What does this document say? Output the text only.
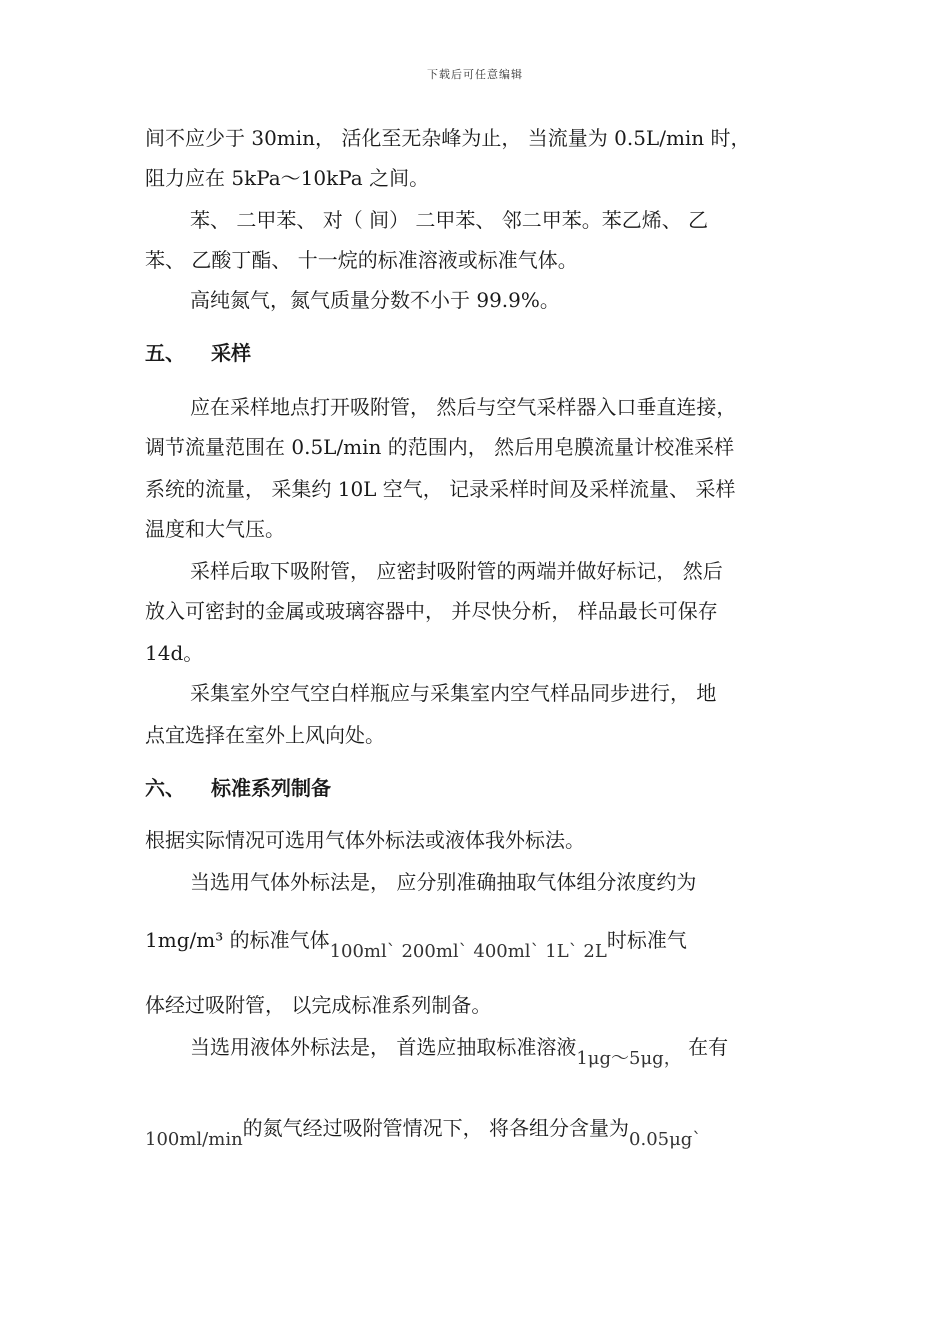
下载后可任意编辑
间不应少于 30min， 活化至无杂峰为止， 当流量为 0.5L/min 时，
阻力应在 5kPa～10kPa 之间。
苯、 二甲苯、 对（ 间） 二甲苯、 邻二甲苯。苯乙烯、 乙
苯、 乙酸丁酯、 十一烷的标准溶液或标准气体。
高纯氮气，氮气质量分数不小于 99.9%。
五、 采样
应在采样地点打开吸附管， 然后与空气采样器入口垂直连接，
调节流量范围在 0.5L/min 的范围内， 然后用皂膜流量计校准采样
系统的流量， 采集约 10L 空气， 记录采样时间及采样流量、 采样
温度和大气压。
采样后取下吸附管， 应密封吸附管的两端并做好标记， 然后
放入可密封的金属或玻璃容器中， 并尽快分析， 样品最长可保存
14d。
采集室外空气空白样瓶应与采集室内空气样品同步进行， 地
点宜选择在室外上风向处。
六、 标准系列制备
根据实际情况可选用气体外标法或液体我外标法。
当选用气体外标法是， 应分别准确抽取气体组分浓度约为
1mg/m³ 的标准气体100ml` 200ml` 400ml` 1L` 2L时标准气
体经过吸附管， 以完成标准系列制备。
当选用液体外标法是， 首选应抽取标准溶液1μg～5μg， 在有
100ml/min的氮气经过吸附管情况下， 将各组分含量为0.05μg`
